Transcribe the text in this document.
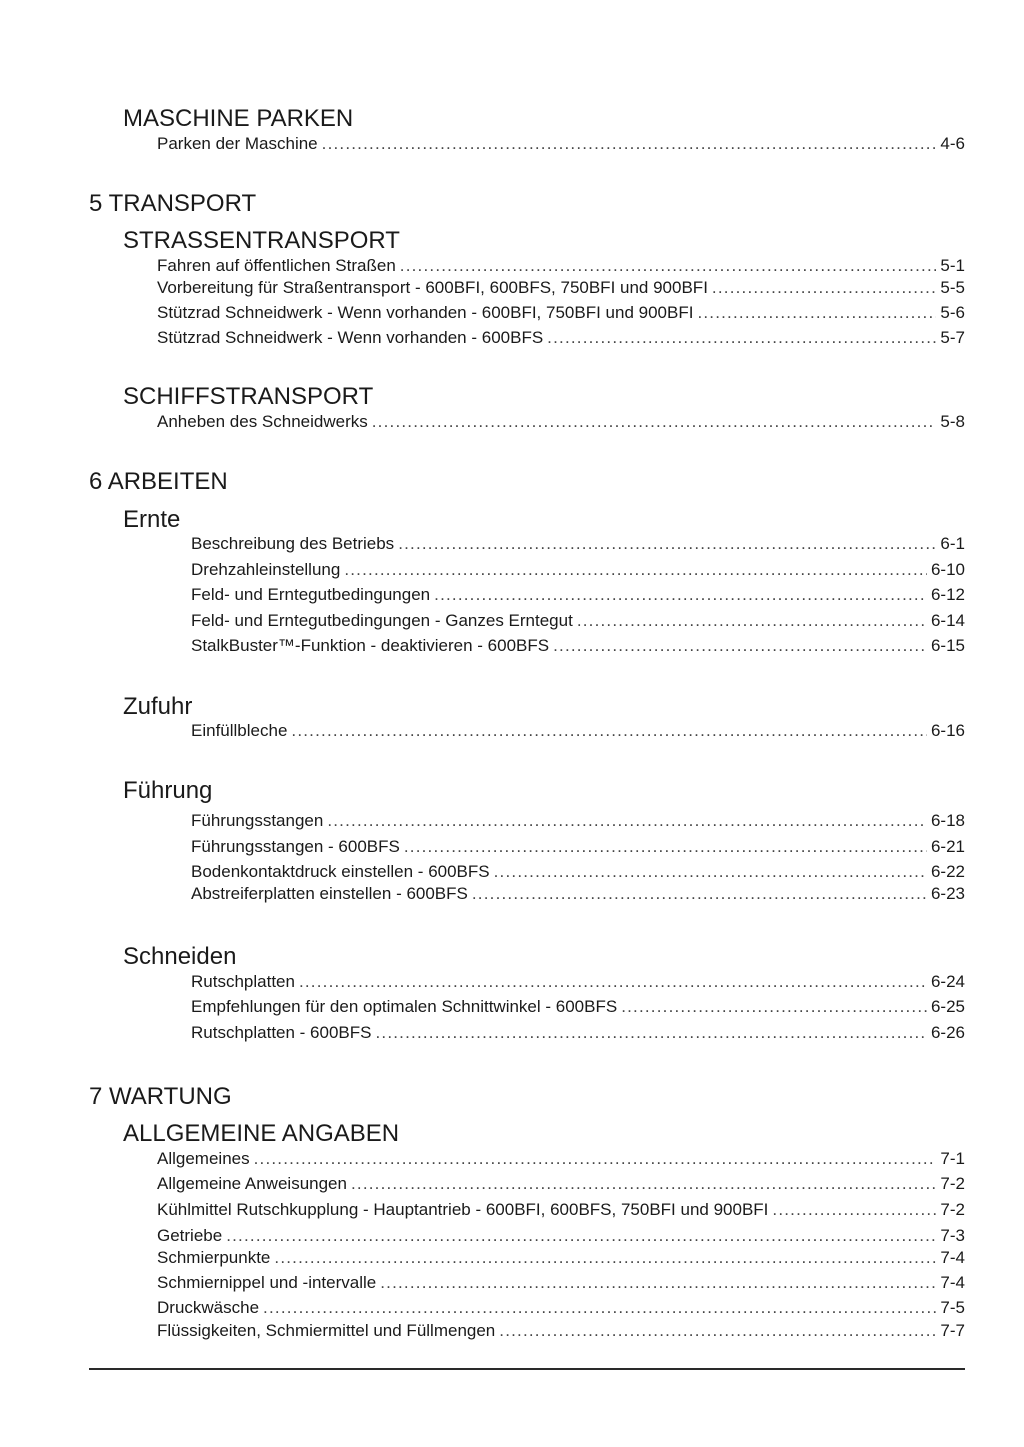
MASCHINE PARKEN
Parken der Maschine .....	4-6
5 TRANSPORT
STRASSENTRANSPORT
Fahren auf öffentlichen Straßen .....	5-1
Vorbereitung für Straßentransport - 600BFI, 600BFS, 750BFI und 900BFI .....	5-5
Stützrad Schneidwerk - Wenn vorhanden - 600BFI, 750BFI und 900BFI .....	5-6
Stützrad Schneidwerk - Wenn vorhanden - 600BFS .....	5-7
SCHIFFSTRANSPORT
Anheben des Schneidwerks .....	5-8
6 ARBEITEN
Ernte
Beschreibung des Betriebs .....	6-1
Drehzahleinstellung .....	6-10
Feld- und Erntegutbedingungen .....	6-12
Feld- und Erntegutbedingungen - Ganzes Erntegut .....	6-14
StalkBuster™-Funktion - deaktivieren - 600BFS .....	6-15
Zufuhr
Einfüllbleche .....	6-16
Führung
Führungsstangen .....	6-18
Führungsstangen - 600BFS .....	6-21
Bodenkontaktdruck einstellen - 600BFS .....	6-22
Abstreiferplatten einstellen - 600BFS .....	6-23
Schneiden
Rutschplatten .....	6-24
Empfehlungen für den optimalen Schnittwinkel - 600BFS .....	6-25
Rutschplatten - 600BFS .....	6-26
7 WARTUNG
ALLGEMEINE ANGABEN
Allgemeines .....	7-1
Allgemeine Anweisungen .....	7-2
Kühlmittel Rutschkupplung - Hauptantrieb - 600BFI, 600BFS, 750BFI und 900BFI .....	7-2
Getriebe .....	7-3
Schmierpunkte .....	7-4
Schmiernippel und -intervalle .....	7-4
Druckwäsche .....	7-5
Flüssigkeiten, Schmiermittel und Füllmengen .....	7-7
